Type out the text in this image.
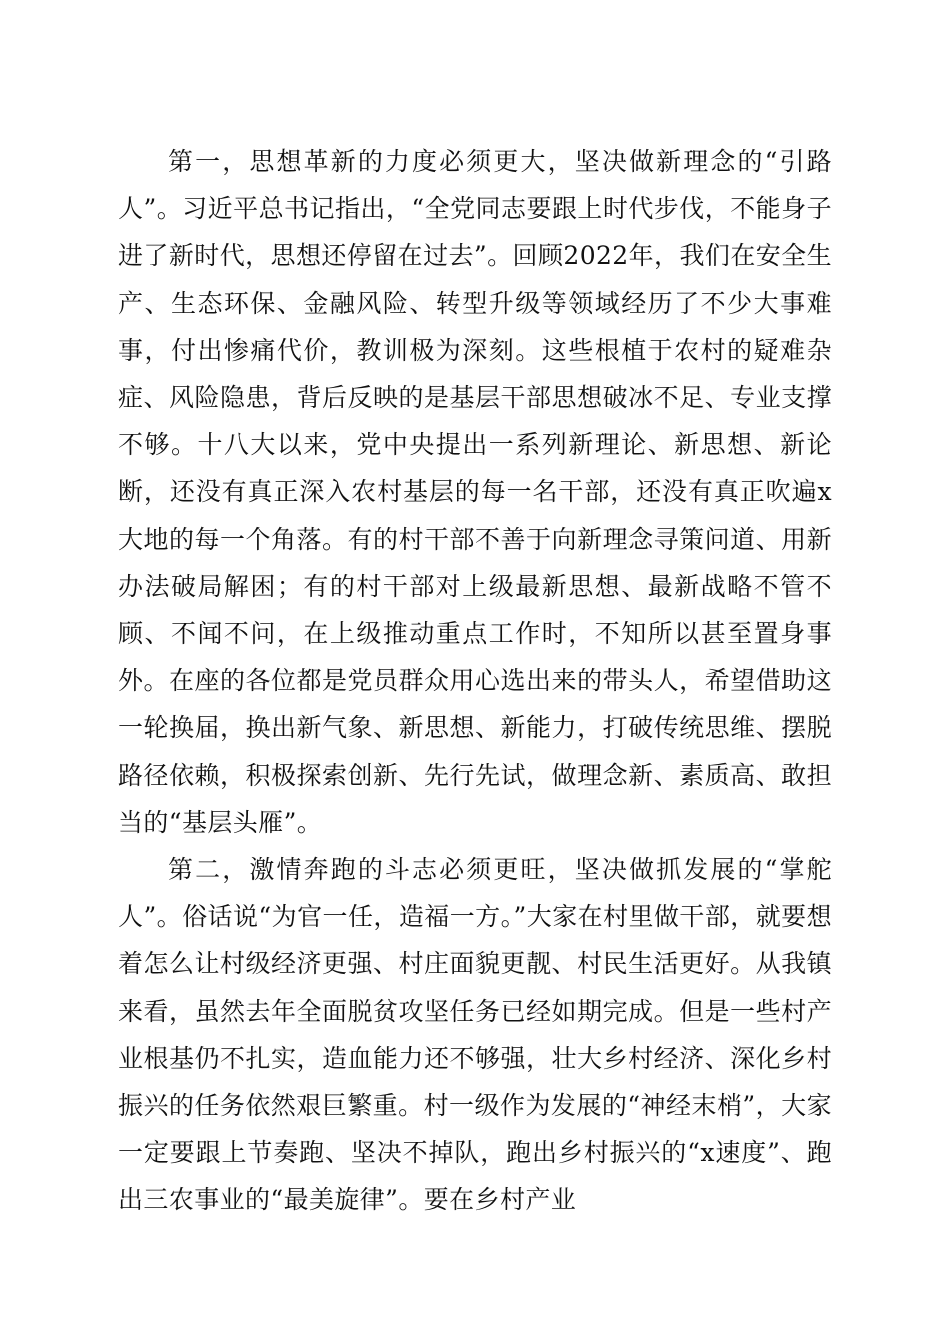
第一，思想革新的力度必须更大，坚决做新理念的“引路人”。习近平总书记指出，“全党同志要跟上时代步伐，不能身子进了新时代，思想还停留在过去”。回顾2022年，我们在安全生产、生态环保、金融风险、转型升级等领域经历了不少大事难事，付出惨痛代价，教训极为深刻。这些根植于农村的疑难杂症、风险隐患，背后反映的是基层干部思想破冰不足、专业支撑不够。十八大以来，党中央提出一系列新理论、新思想、新论断，还没有真正深入农村基层的每一名干部，还没有真正吹遍x大地的每一个角落。有的村干部不善于向新理念寻策问道、用新办法破局解困；有的村干部对上级最新思想、最新战略不管不顾、不闻不问，在上级推动重点工作时，不知所以甚至置身事外。在座的各位都是党员群众用心选出来的带头人，希望借助这一轮换届，换出新气象、新思想、新能力，打破传统思维、摆脱路径依赖，积极探索创新、先行先试，做理念新、素质高、敢担当的“基层头雁”。

第二，激情奔跑的斗志必须更旺，坚决做抓发展的“掌舵人”。俗话说“为官一任，造福一方。”大家在村里做干部，就要想着怎么让村级经济更强、村庄面貌更靓、村民生活更好。从我镇来看，虽然去年全面脱贫攻坚任务已经如期完成。但是一些村产业根基仍不扎实，造血能力还不够强，壮大乡村经济、深化乡村振兴的任务依然艰巨繁重。村一级作为发展的“神经末梢”，大家一定要跟上节奏跑、坚决不掉队，跑出乡村振兴的“x速度”、跑出三农事业的“最美旋律”。要在乡村产业
